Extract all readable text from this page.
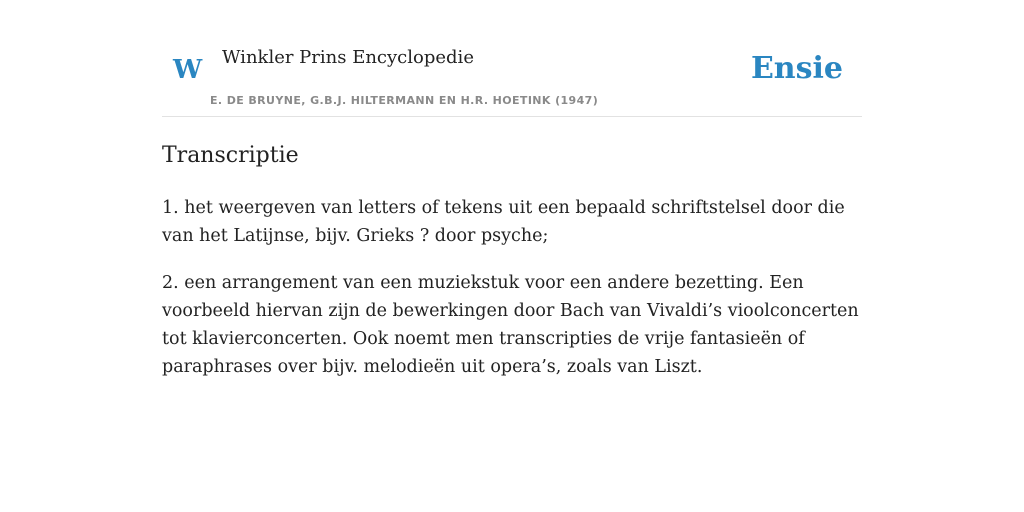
W Winkler Prins Encyclopedie
E. DE BRUYNE, G.B.J. HILTERMANN EN H.R. HOETINK (1947)
Ensie
Transcriptie

1. het weergeven van letters of tekens uit een bepaald schriftstelsel door die van het Latijnse, bijv. Grieks ? door psyche;

2. een arrangement van een muziekstuk voor een andere bezetting. Een voorbeeld hiervan zijn de bewerkingen door Bach van Vivaldi’s vioolconcerten tot klavierconcerten. Ook noemt men transcripties de vrije fantasieën of paraphrases over bijv. melodieën uit opera’s, zoals van Liszt.
